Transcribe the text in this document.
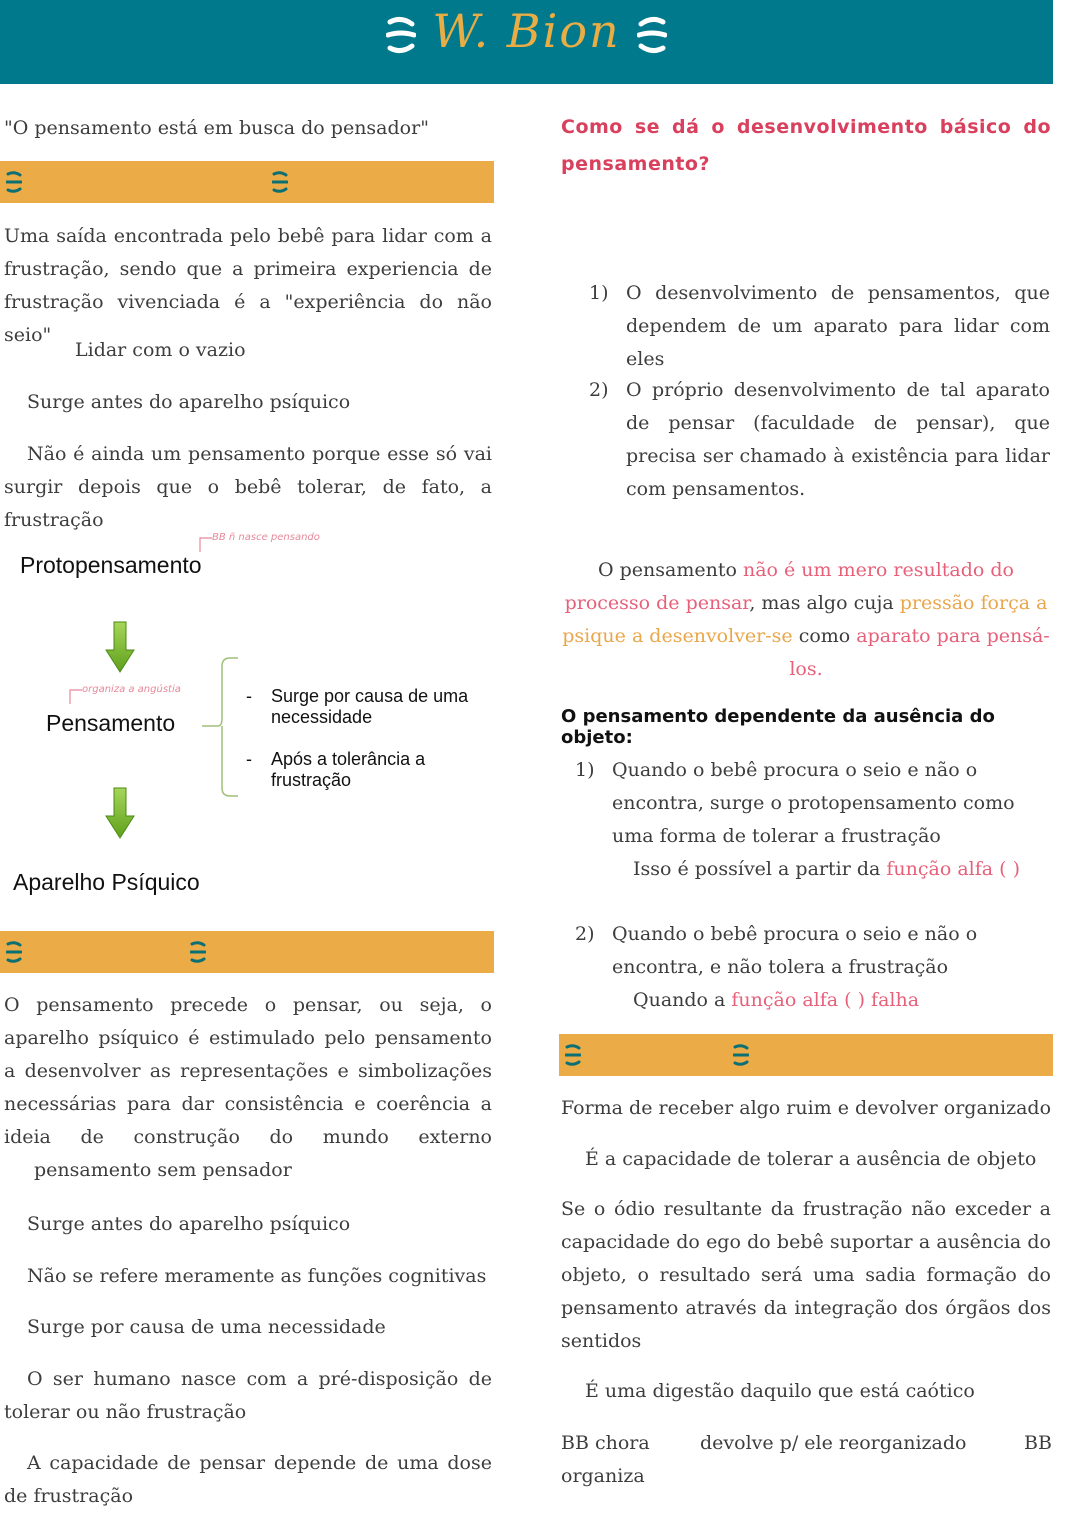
W. Bion
"O pensamento está em busca do pensador"
Uma saída encontrada pelo bebê para lidar com a frustração, sendo que a primeira experiencia de frustração vivenciada é a "experiência do não seio"
Lidar com o vazio
Surge antes do aparelho psíquico
Não é ainda um pensamento porque esse só vai surgir depois que o bebê tolerar, de fato, a frustração
Protopensamento
BB ñ nasce pensando
organiza a angústia
Pensamento
- Surge por causa de uma necessidade
- Após a tolerância a frustração
Aparelho Psíquico
O pensamento precede o pensar, ou seja, o aparelho psíquico é estimulado pelo pensamento a desenvolver as representações e simbolizações necessárias para dar consistência e coerência a ideia de construção do mundo externo pensamento sem pensador
Surge antes do aparelho psíquico
Não se refere meramente as funções cognitivas
Surge por causa de uma necessidade
O ser humano nasce com a pré-disposição de tolerar ou não frustração
A capacidade de pensar depende de uma dose de frustração
Como se dá o desenvolvimento básico do pensamento?
1) O desenvolvimento de pensamentos, que dependem de um aparato para lidar com eles
2) O próprio desenvolvimento de tal aparato de pensar (faculdade de pensar), que precisa ser chamado à existência para lidar com pensamentos.
O pensamento não é um mero resultado do processo de pensar, mas algo cuja pressão força a psique a desenvolver-se como aparato para pensá-los.
O pensamento dependente da ausência do objeto:
1) Quando o bebê procura o seio e não o encontra, surge o protopensamento como uma forma de tolerar a frustração
Isso é possível a partir da função alfa ( )
2) Quando o bebê procura o seio e não o encontra, e não tolera a frustração
Quando a função alfa ( ) falha
Forma de receber algo ruim e devolver organizado
É a capacidade de tolerar a ausência de objeto
Se o ódio resultante da frustração não exceder a capacidade do ego do bebê suportar a ausência do objeto, o resultado será uma sadia formação do pensamento através da integração dos órgãos dos sentidos
É uma digestão daquilo que está caótico
BB chora	devolve p/ ele reorganizado	BB
organiza
